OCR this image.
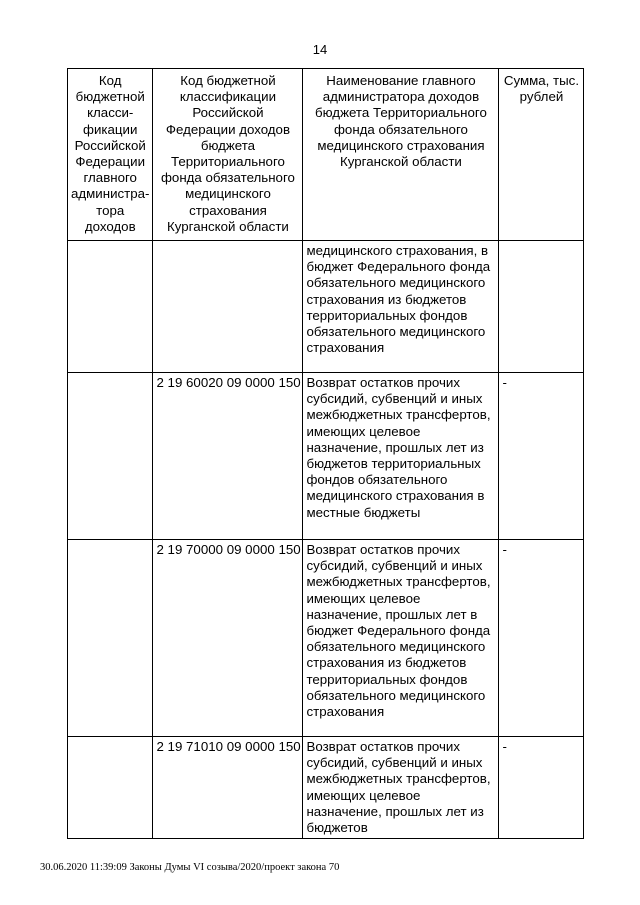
14
Код бюджетной класси- фикации Российской Федерации главного администра- тора доходов	Код бюджетной классификации Российской Федерации доходов бюджета Территориального фонда обязательного медицинского страхования Курганской области	Наименование главного администратора доходов бюджета Территориального фонда обязательного медицинского страхования Курганской области	Сумма, тыс. рублей
		медицинского страхования, в бюджет Федерального фонда обязательного медицинского страхования из бюджетов территориальных фондов обязательного медицинского страхования	
	2 19 60020 09 0000 150	Возврат остатков прочих субсидий, субвенций и иных межбюджетных трансфертов, имеющих целевое назначение, прошлых лет из бюджетов территориальных фондов обязательного медицинского страхования в местные бюджеты	-
	2 19 70000 09 0000 150	Возврат остатков прочих субсидий, субвенций и иных межбюджетных трансфертов, имеющих целевое назначение, прошлых лет в бюджет Федерального фонда обязательного медицинского страхования из бюджетов территориальных фондов обязательного медицинского страхования	-
	2 19 71010 09 0000 150	Возврат остатков прочих субсидий, субвенций и иных межбюджетных трансфертов, имеющих целевое назначение, прошлых лет из бюджетов	-
30.06.2020 11:39:09 Законы Думы VI созыва/2020/проект закона 70
